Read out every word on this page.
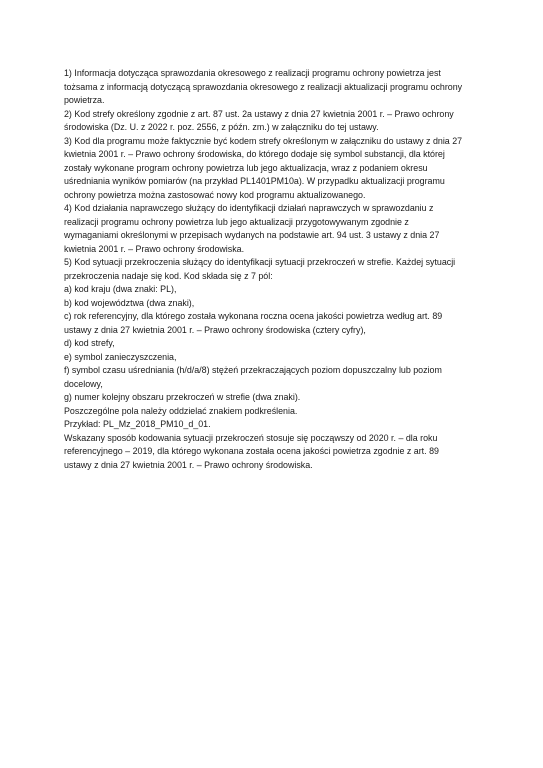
1) Informacja dotycząca sprawozdania okresowego z realizacji programu ochrony powietrza jest
tożsama z informacją dotyczącą sprawozdania okresowego z realizacji aktualizacji programu ochrony
powietrza.
2) Kod strefy określony zgodnie z art. 87 ust. 2a ustawy z dnia 27 kwietnia 2001 r. – Prawo ochrony
środowiska (Dz. U. z 2022 r. poz. 2556, z późn. zm.) w załączniku do tej ustawy.
3) Kod dla programu może faktycznie być kodem strefy określonym w załączniku do ustawy z dnia 27
kwietnia 2001 r. – Prawo ochrony środowiska, do którego dodaje się symbol substancji, dla której
zostały wykonane program ochrony powietrza lub jego aktualizacja, wraz z podaniem okresu
uśredniania wyników pomiarów (na przykład PL1401PM10a). W przypadku aktualizacji programu
ochrony powietrza można zastosować nowy kod programu aktualizowanego.
4) Kod działania naprawczego służący do identyfikacji działań naprawczych w sprawozdaniu z
realizacji programu ochrony powietrza lub jego aktualizacji przygotowywanym zgodnie z
wymaganiami określonymi w przepisach wydanych na podstawie art. 94 ust. 3 ustawy z dnia 27
kwietnia 2001 r. – Prawo ochrony środowiska.
5) Kod sytuacji przekroczenia służący do identyfikacji sytuacji przekroczeń w strefie. Każdej sytuacji
przekroczenia nadaje się kod. Kod składa się z 7 pól:
a) kod kraju (dwa znaki: PL),
b) kod województwa (dwa znaki),
c) rok referencyjny, dla którego została wykonana roczna ocena jakości powietrza według art. 89
ustawy z dnia 27 kwietnia 2001 r. – Prawo ochrony środowiska (cztery cyfry),
d) kod strefy,
e) symbol zanieczyszczenia,
f) symbol czasu uśredniania (h/d/a/8) stężeń przekraczających poziom dopuszczalny lub poziom
docelowy,
g) numer kolejny obszaru przekroczeń w strefie (dwa znaki).
Poszczególne pola należy oddzielać znakiem podkreślenia.
Przykład: PL_Mz_2018_PM10_d_01.
Wskazany sposób kodowania sytuacji przekroczeń stosuje się począwszy od 2020 r. – dla roku
referencyjnego – 2019, dla którego wykonana została ocena jakości powietrza zgodnie z art. 89
ustawy z dnia 27 kwietnia 2001 r. – Prawo ochrony środowiska.
